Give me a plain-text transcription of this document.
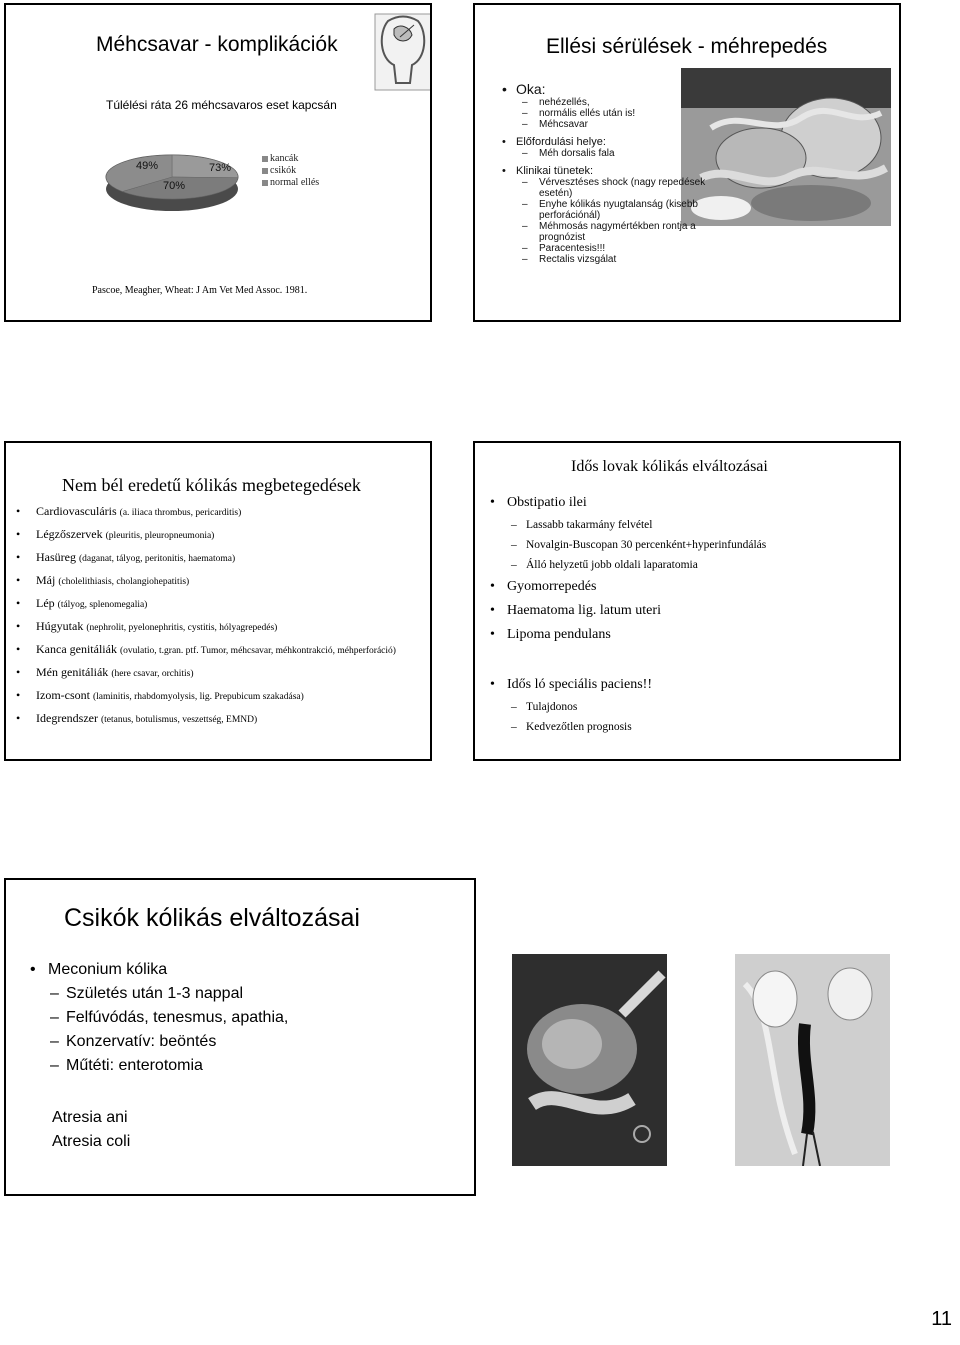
Méhcsavar - komplikációk
Túlélési ráta 26 méhcsavaros eset kapcsán
49%	73%
70%
kancák
csikók
normal ellés
Pascoe, Meagher, Wheat: J Am Vet Med Assoc. 1981.
Ellési sérülések - méhrepedés
• Oka:
– nehézellés,
– normális ellés után is!
– Méhcsavar
• Előfordulási helye:
– Méh dorsalis fala
• Klinikai tünetek:
– Vérvesztéses shock (nagy repedések esetén)
– Enyhe kólikás nyugtalanság (kisebb perforációnál)
– Méhmosás nagymértékben rontja a prognózist
– Paracentesis!!!
– Rectalis vizsgálat
Nem bél eredetű kólikás megbetegedések
• Cardiovasculáris (a. iliaca thrombus, pericarditis)
• Légzőszervek (pleuritis, pleuropneumonia)
• Hasüreg (daganat, tályog, peritonitis, haematoma)
• Máj (cholelithiasis, cholangiohepatitis)
• Lép (tályog, splenomegalia)
• Húgyutak (nephrolit, pyelonephritis, cystitis, hólyagrepedés)
• Kanca genitáliák (ovulatio, t.gran. ptf. Tumor, méhcsavar, méhkontrakció, méhperforáció)
• Mén genitáliák (here csavar, orchitis)
• Izom-csont (laminitis, rhabdomyolysis, lig. Prepubicum szakadása)
• Idegrendszer (tetanus, botulismus, veszettség, EMND)
Idős lovak kólikás elváltozásai
• Obstipatio ilei
– Lassabb takarmány felvétel
– Novalgin-Buscopan 30 percenként+hyperinfundálás
– Álló helyzetű jobb oldali laparatomia
• Gyomorrepedés
• Haematoma lig. latum uteri
• Lipoma pendulans
• Idős ló speciális paciens!!
– Tulajdonos
– Kedvezőtlen prognosis
Csikók kólikás elváltozásai
• Meconium kólika
– Születés után 1-3 nappal
– Felfúvódás, tenesmus, apathia,
– Konzervatív: beöntés
– Műtéti: enterotomia
Atresia ani
Atresia coli
11
